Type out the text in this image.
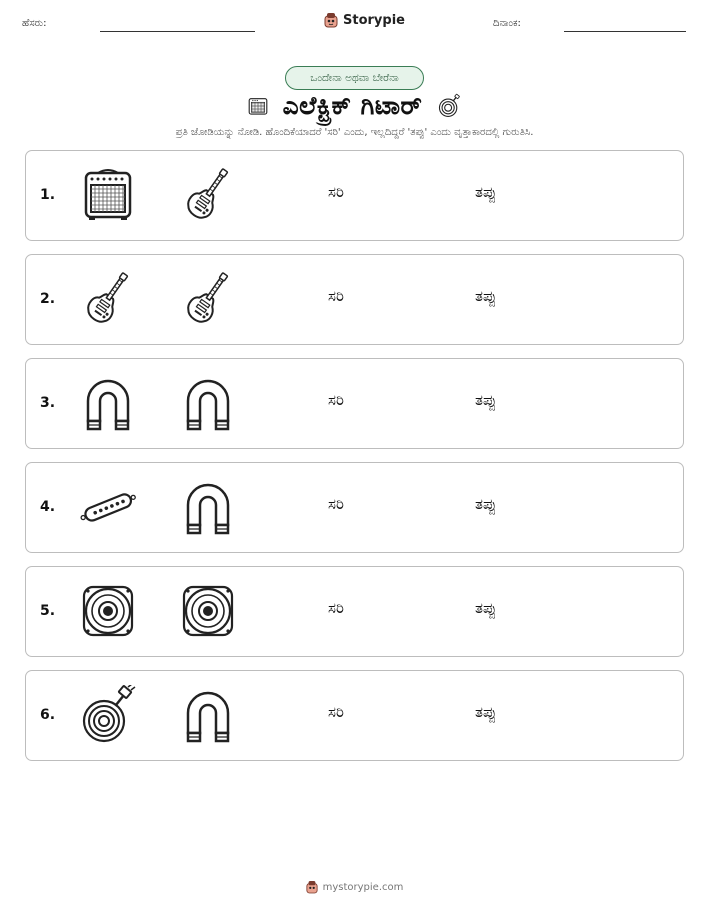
ಹೆಸರು:	Storypie	ದಿನಾಂಕ:
ಒಂದೇನಾ ಅಥವಾ ಬೇರೆನಾ
ಎಲೆಕ್ಟ್ರಿಕ್ ಗಿಟಾರ್
ಪ್ರತಿ ಜೋಡಿಯನ್ನು ನೋಡಿ. ಹೊಂದಿಕೆಯಾದರೆ 'ಸರಿ' ಎಂದು, ಇಲ್ಲದಿದ್ದರೆ 'ತಪ್ಪು' ಎಂದು ವೃತ್ತಾಕಾರದಲ್ಲಿ ಗುರುತಿಸಿ.
1.	ಸರಿ	ತಪ್ಪು
2.	ಸರಿ	ತಪ್ಪು
3.	ಸರಿ	ತಪ್ಪು
4.	ಸರಿ	ತಪ್ಪು
5.	ಸರಿ	ತಪ್ಪು
6.	ಸರಿ	ತಪ್ಪು
mystorypie.com
